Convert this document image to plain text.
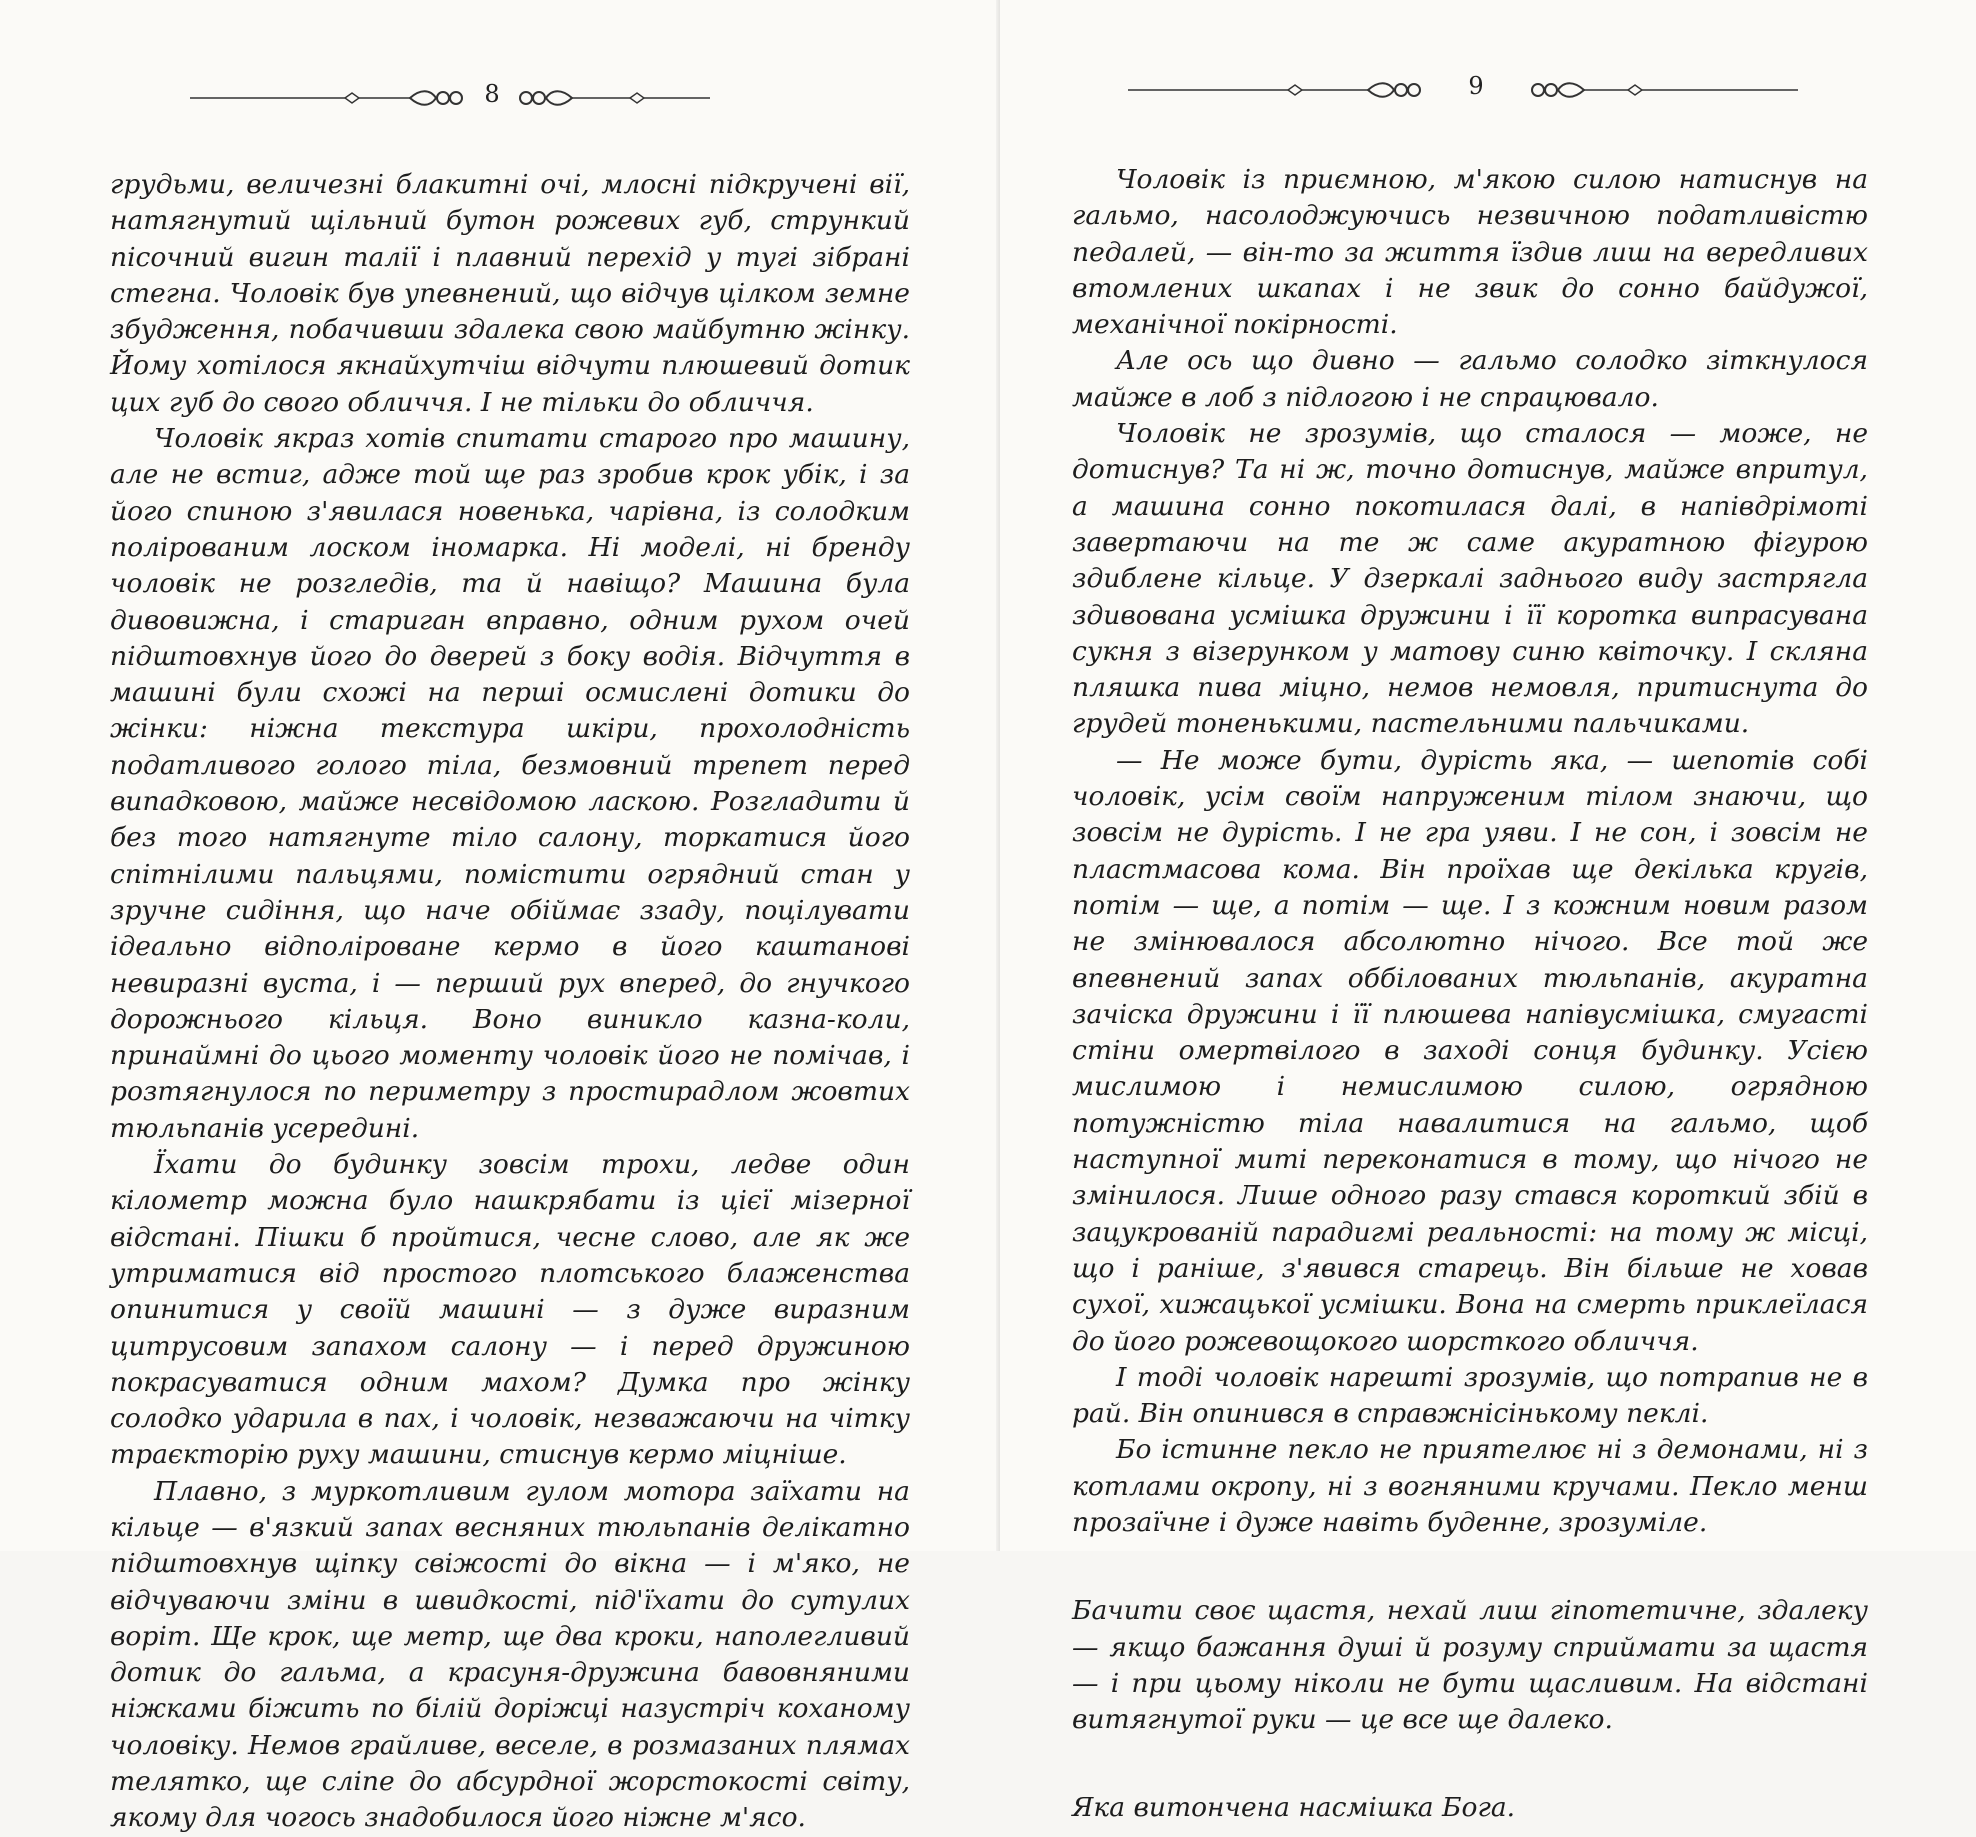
8

грудьми, величезні блакитні очі, млосні підкручені вії, натягнутий щільний бутон рожевих губ, стрункий пісочний вигин талії і плавний перехід у тугі зібрані стегна. Чоловік був упевнений, що відчув цілком земне збудження, побачивши здалека свою майбутню жінку. Йому хотілося якнайхутчіш відчути плюшевий дотик цих губ до свого обличчя. І не тільки до обличчя.

Чоловік якраз хотів спитати старого про машину, але не встиг, адже той ще раз зробив крок убік, і за його спиною з'явилася новенька, чарівна, із солодким полірованим лоском іномарка. Ні моделі, ні бренду чоловік не розгледів, та й навіщо? Машина була дивовижна, і стариган вправно, одним рухом очей підштовхнув його до дверей з боку водія. Відчуття в машині були схожі на перші осмислені дотики до жінки: ніжна текстура шкіри, прохолодність податливого голого тіла, безмовний трепет перед випадковою, майже несвідомою ласкою. Розгладити й без того натягнуте тіло салону, торкатися його спітнілими пальцями, помістити огрядний стан у зручне сидіння, що наче обіймає ззаду, поцілувати ідеально відполіроване кермо в його каштанові невиразні вуста, і — перший рух вперед, до гнучкого дорожнього кільця. Воно виникло казна-коли, принаймні до цього моменту чоловік його не помічав, і розтягнулося по периметру з простирадлом жовтих тюльпанів усередині.

Їхати до будинку зовсім трохи, ледве один кілометр можна було нашкрябати із цієї мізерної відстані. Пішки б пройтися, чесне слово, але як же утриматися від простого плотського блаженства опинитися у своїй машині — з дуже виразним цитрусовим запахом салону — і перед дружиною покрасуватися одним махом? Думка про жінку солодко ударила в пах, і чоловік, незважаючи на чітку траєкторію руху машини, стиснув кермо міцніше.

Плавно, з муркотливим гулом мотора заїхати на кільце — в'язкий запах весняних тюльпанів делікатно підштовхнув щіпку свіжості до вікна — і м'яко, не відчуваючи зміни в швидкості, під'їхати до сутулих воріт. Ще крок, ще метр, ще два кроки, наполегливий дотик до гальма, а красуня-дружина бавовняними ніжками біжить по білій доріжці назустріч коханому чоловіку. Немов грайливе, веселе, в розмазаних плямах телятко, ще сліпе до абсурдної жорстокості світу, якому для чогось знадобилося його ніжне м'ясо.

9

Чоловік із приємною, м'якою силою натиснув на гальмо, насолоджуючись незвичною податливістю педалей, — він-то за життя їздив лиш на вередливих втомлених шкапах і не звик до сонно байдужої, механічної покірності.

Але ось що дивно — гальмо солодко зіткнулося майже в лоб з підлогою і не спрацювало.

Чоловік не зрозумів, що сталося — може, не дотиснув? Та ні ж, точно дотиснув, майже впритул, а машина сонно покотилася далі, в напівдрімоті завертаючи на те ж саме акуратною фігурою здиблене кільце. У дзеркалі заднього виду застрягла здивована усмішка дружини і її коротка випрасувана сукня з візерунком у матову синю квіточку. І скляна пляшка пива міцно, немов немовля, притиснута до грудей тоненькими, пастельними пальчиками.

— Не може бути, дурість яка, — шепотів собі чоловік, усім своїм напруженим тілом знаючи, що зовсім не дурість. І не гра уяви. І не сон, і зовсім не пластмасова кома. Він проїхав ще декілька кругів, потім — ще, а потім — ще. І з кожним новим разом не змінювалося абсолютно нічого. Все той же впевнений запах оббілованих тюльпанів, акуратна зачіска дружини і її плюшева напівусмішка, смугасті стіни омертвілого в заході сонця будинку. Усією мислимою і немислимою силою, огрядною потужністю тіла навалитися на гальмо, щоб наступної миті переконатися в тому, що нічого не змінилося. Лише одного разу стався короткий збій в зацукрованій парадигмі реальності: на тому ж місці, що і раніше, з'явився старець. Він більше не ховав сухої, хижацької усмішки. Вона на смерть приклеїлася до його рожевощокого шорсткого обличчя.

І тоді чоловік нарешті зрозумів, що потрапив не в рай. Він опинився в справжнісінькому пеклі.

Бо істинне пекло не приятелює ні з демонами, ні з котлами окропу, ні з вогняними кручами. Пекло менш прозаїчне і дуже навіть буденне, зрозуміле.

Бачити своє щастя, нехай лиш гіпотетичне, здалеку — якщо бажання душі й розуму сприймати за щастя — і при цьому ніколи не бути щасливим. На відстані витягнутої руки — це все ще далеко.

Яка витончена насмішка Бога.
